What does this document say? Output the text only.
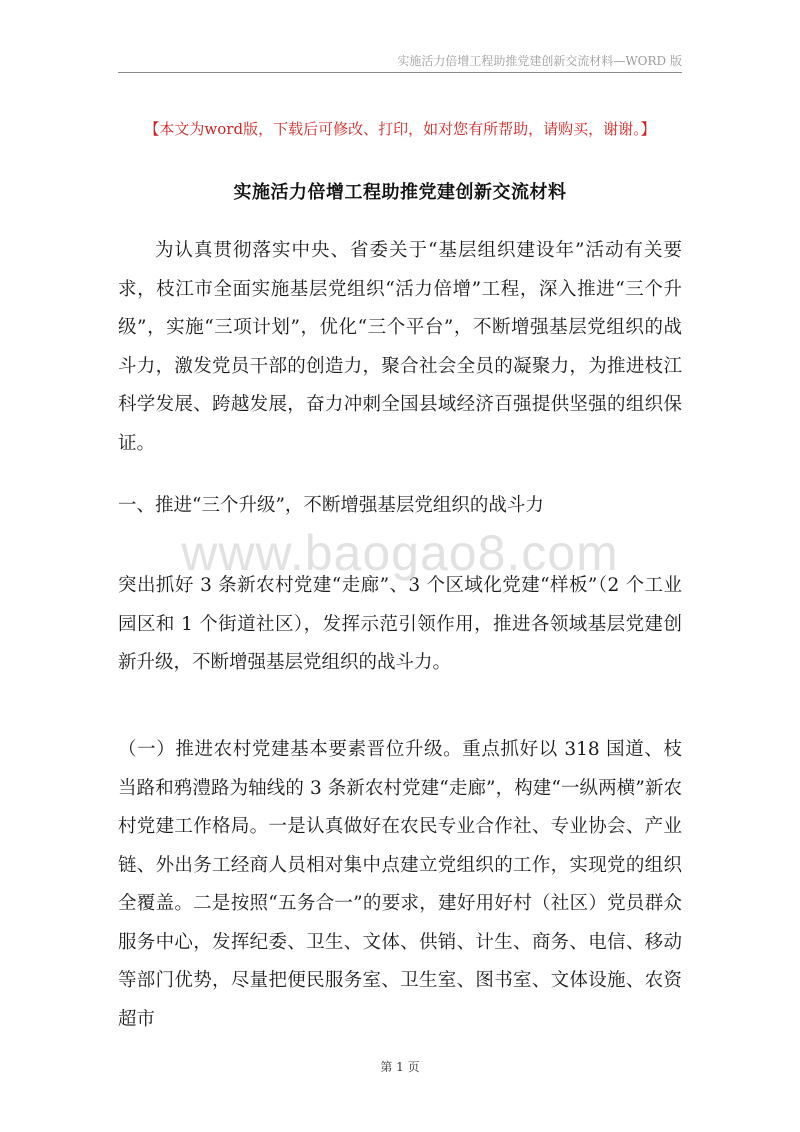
实施活力倍增工程助推党建创新交流材料—WORD 版
【本文为word版，下载后可修改、打印，如对您有所帮助，请购买，谢谢。】
实施活力倍增工程助推党建创新交流材料
为认真贯彻落实中央、省委关于“基层组织建设年”活动有关要求，枝江市全面实施基层党组织“活力倍增”工程，深入推进“三个升级”，实施“三项计划”，优化“三个平台”，不断增强基层党组织的战斗力，激发党员干部的创造力，聚合社会全员的凝聚力，为推进枝江科学发展、跨越发展，奋力冲刺全国县域经济百强提供坚强的组织保证。
一、推进“三个升级”，不断增强基层党组织的战斗力
突出抓好 3 条新农村党建“走廊”、3 个区域化党建“样板”（2 个工业园区和 1 个街道社区），发挥示范引领作用，推进各领域基层党建创新升级，不断增强基层党组织的战斗力。
（一）推进农村党建基本要素晋位升级。重点抓好以 318 国道、枝当路和鸦澧路为轴线的 3 条新农村党建“走廊”，构建“一纵两横”新农村党建工作格局。一是认真做好在农民专业合作社、专业协会、产业链、外出务工经商人员相对集中点建立党组织的工作，实现党的组织全覆盖。二是按照“五务合一”的要求，建好用好村（社区）党员群众服务中心，发挥纪委、卫生、文体、供销、计生、商务、电信、移动等部门优势，尽量把便民服务室、卫生室、图书室、文体设施、农资超市
www.baogao8.com
第 1 页
